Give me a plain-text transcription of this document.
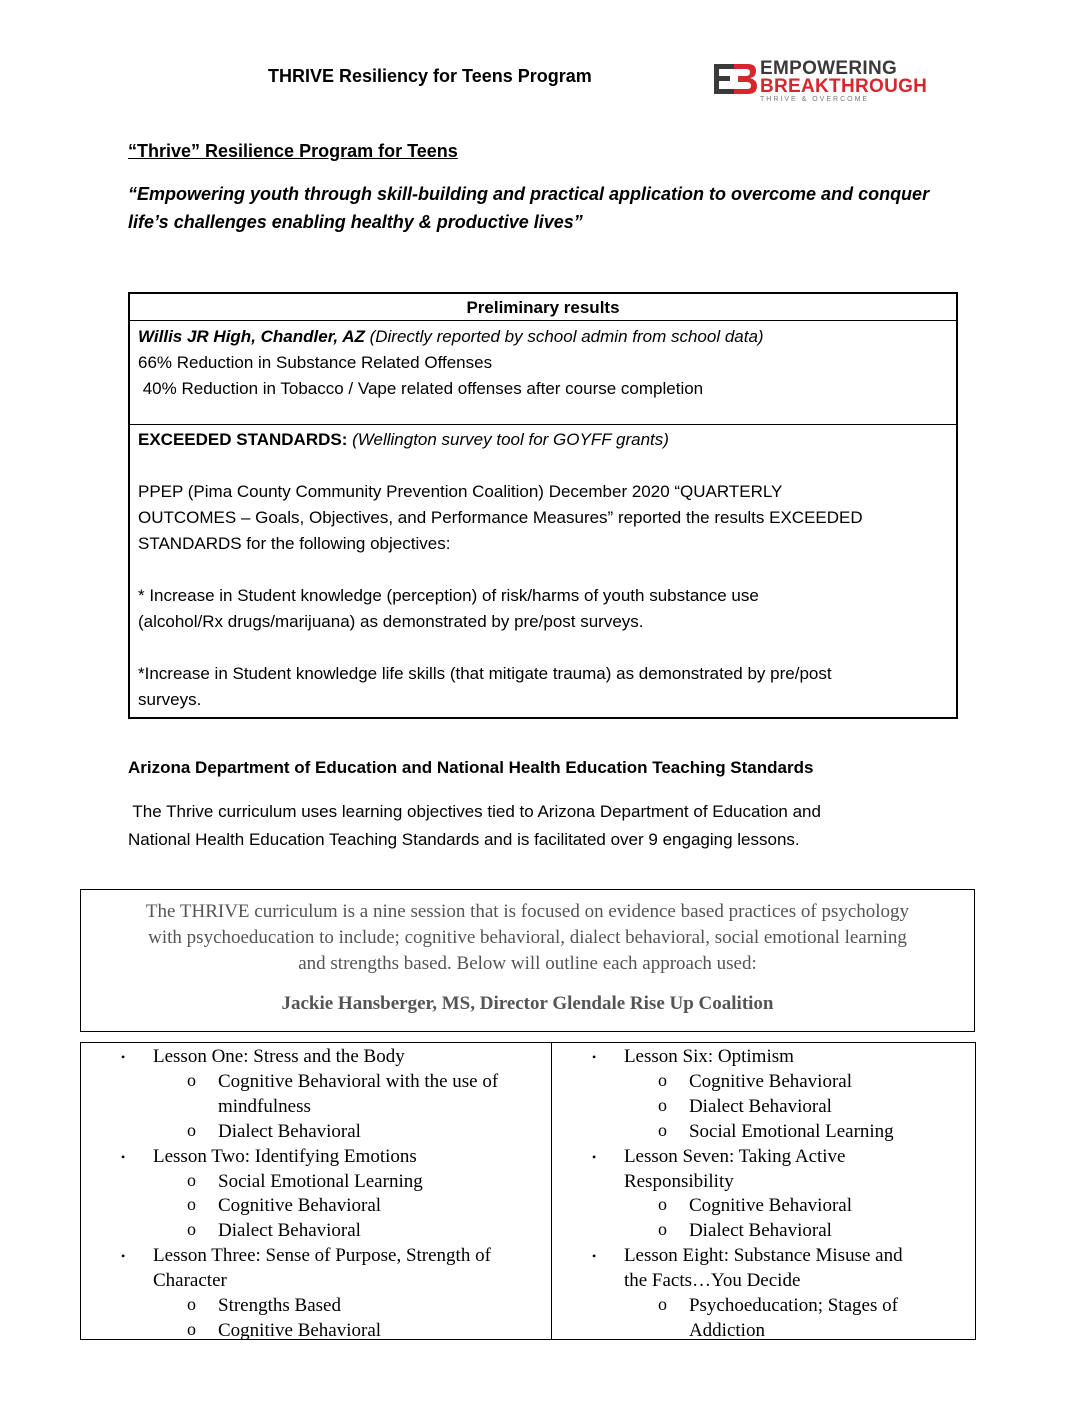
THRIVE Resiliency for Teens Program	EMPOWERING
BREAKTHROUGH
THRIVE & OVERCOME
“Thrive” Resilience Program for Teens
“Empowering youth through skill-building and practical application to overcome and conquer
life’s challenges enabling healthy & productive lives”
Preliminary results

Willis JR High, Chandler, AZ (Directly reported by school admin from school data)

66% Reduction in Substance Related Offenses

40% Reduction in Tobacco / Vape related offenses after course completion

EXCEEDED STANDARDS: (Wellington survey tool for GOYFF grants)

PPEP (Pima County Community Prevention Coalition) December 2020 “QUARTERLY

OUTCOMES – Goals, Objectives, and Performance Measures” reported the results EXCEEDED

STANDARDS for the following objectives:

* Increase in Student knowledge (perception) of risk/harms of youth substance use

(alcohol/Rx drugs/marijuana) as demonstrated by pre/post surveys.

*Increase in Student knowledge life skills (that mitigate trauma) as demonstrated by pre/post

surveys.

Arizona Department of Education and National Health Education Teaching Standards
The Thrive curriculum uses learning objectives tied to Arizona Department of Education and
National Health Education Teaching Standards and is facilitated over 9 engaging lessons.
The THRIVE curriculum is a nine session that is focused on evidence based practices of psychology
with psychoeducation to include; cognitive behavioral, dialect behavioral, social emotional learning
and strengths based. Below will outline each approach used:
Jackie Hansberger, MS, Director Glendale Rise Up Coalition
• Lesson One: Stress and the Body
o Cognitive Behavioral with the use of
mindfulness
o Dialect Behavioral
• Lesson Two: Identifying Emotions
o Social Emotional Learning
o Cognitive Behavioral
o Dialect Behavioral
• Lesson Three: Sense of Purpose, Strength of
Character
o Strengths Based
o Cognitive Behavioral
• Lesson Six: Optimism
o Cognitive Behavioral
o Dialect Behavioral
o Social Emotional Learning
• Lesson Seven: Taking Active
Responsibility
o Cognitive Behavioral
o Dialect Behavioral
• Lesson Eight: Substance Misuse and
the Facts…You Decide
o Psychoeducation; Stages of
Addiction
